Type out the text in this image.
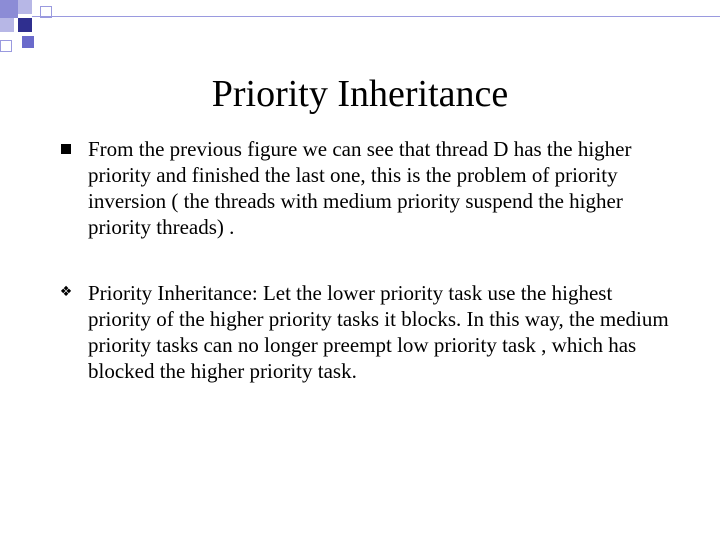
Priority Inheritance
From the previous figure we can see that thread D has the higher priority and finished the last one, this is the problem of priority inversion ( the threads with medium priority suspend the higher priority threads) .
❖ Priority Inheritance: Let the lower priority task use the highest priority of the higher priority tasks it blocks. In this way, the medium priority tasks can no longer preempt low priority task , which has blocked the higher priority task.
